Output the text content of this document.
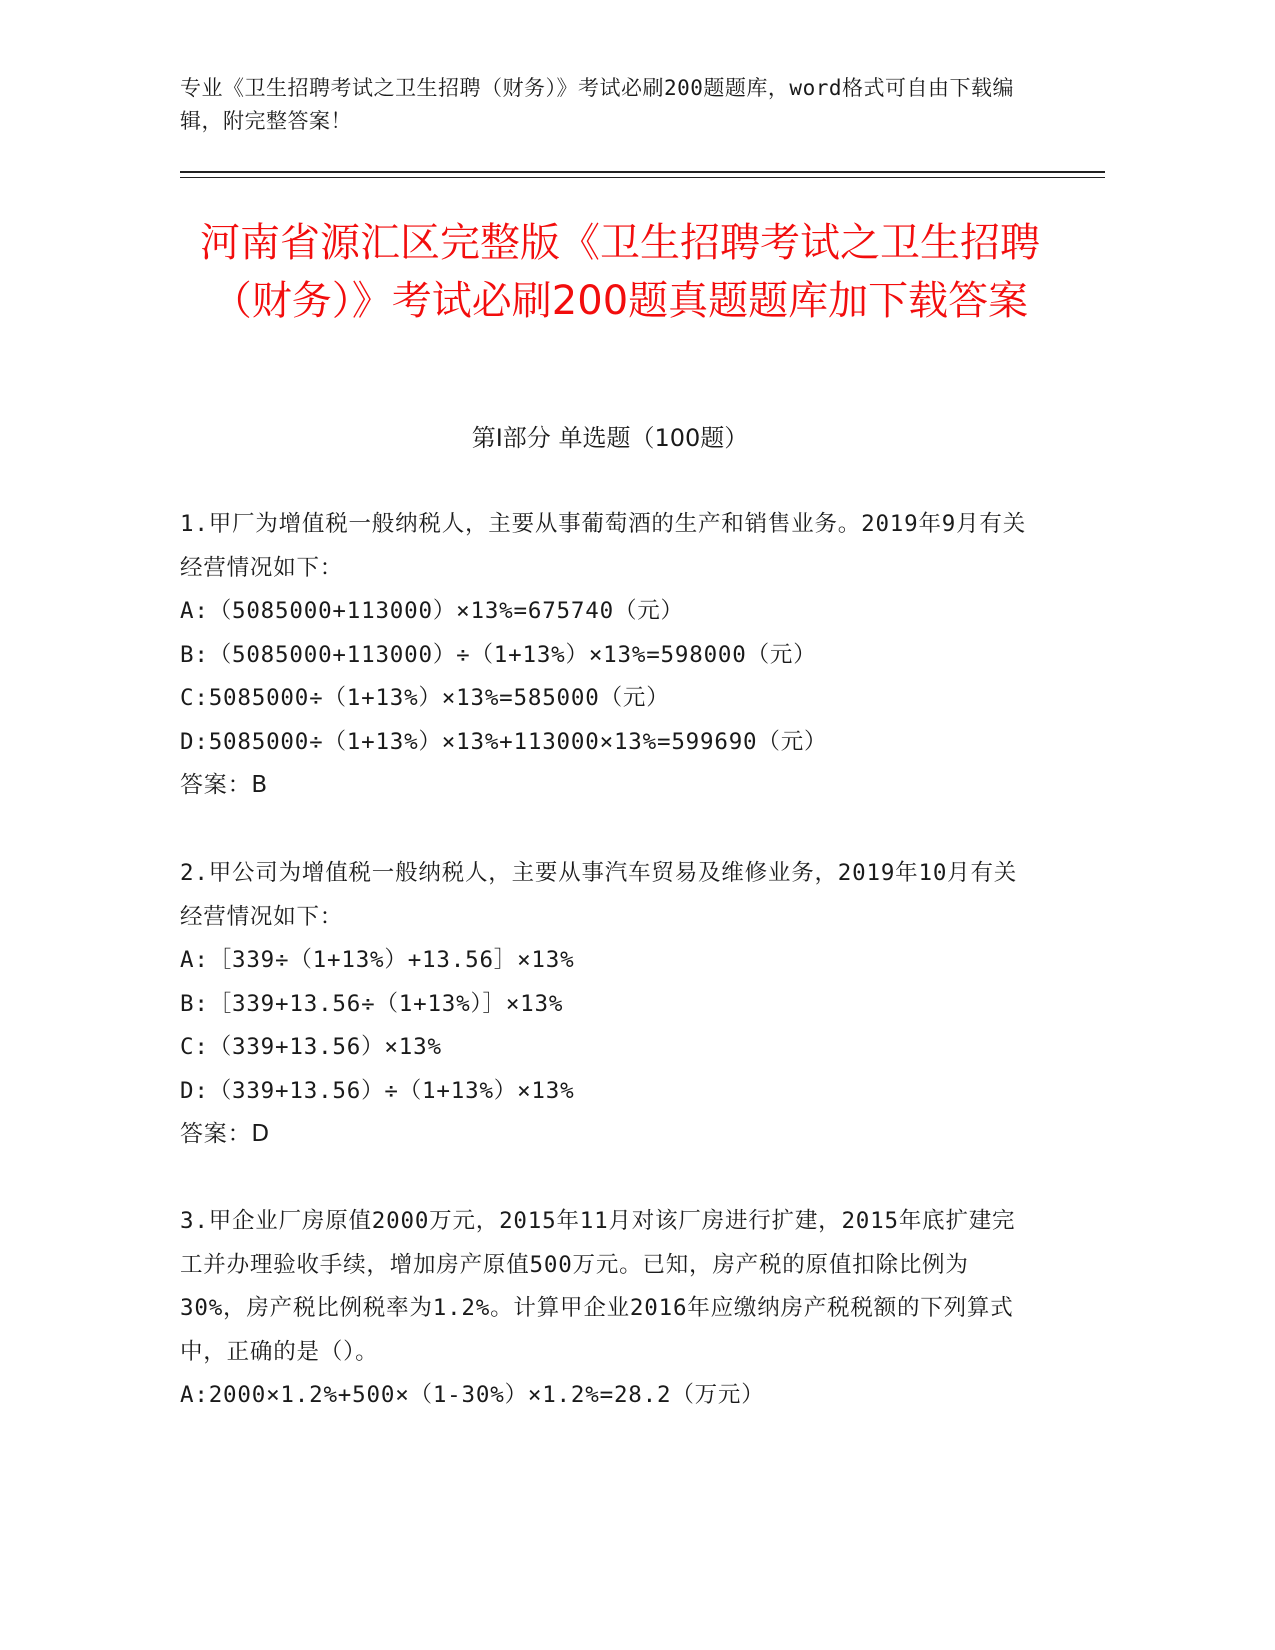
专业《卫生招聘考试之卫生招聘（财务）》考试必刷200题题库，word格式可自由下载编辑，附完整答案！
河南省源汇区完整版《卫生招聘考试之卫生招聘（财务）》考试必刷200题真题题库加下载答案
第Ⅰ部分 单选题（100题）
1.甲厂为增值税一般纳税人，主要从事葡萄酒的生产和销售业务。2019年9月有关经营情况如下：
A:（5085000+113000）×13%=675740（元）
B:（5085000+113000）÷（1+13%）×13%=598000（元）
C:5085000÷（1+13%）×13%=585000（元）
D:5085000÷（1+13%）×13%+113000×13%=599690（元）
答案：B
2.甲公司为增值税一般纳税人，主要从事汽车贸易及维修业务，2019年10月有关经营情况如下：
A:［339÷（1+13%）+13.56］×13%
B:［339+13.56÷（1+13%）］×13%
C:（339+13.56）×13%
D:（339+13.56）÷（1+13%）×13%
答案：D
3.甲企业厂房原值2000万元，2015年11月对该厂房进行扩建，2015年底扩建完工并办理验收手续，增加房产原值500万元。已知，房产税的原值扣除比例为30%，房产税比例税率为1.2%。计算甲企业2016年应缴纳房产税税额的下列算式中，正确的是（）。
A:2000×1.2%+500×（1-30%）×1.2%=28.2（万元）
